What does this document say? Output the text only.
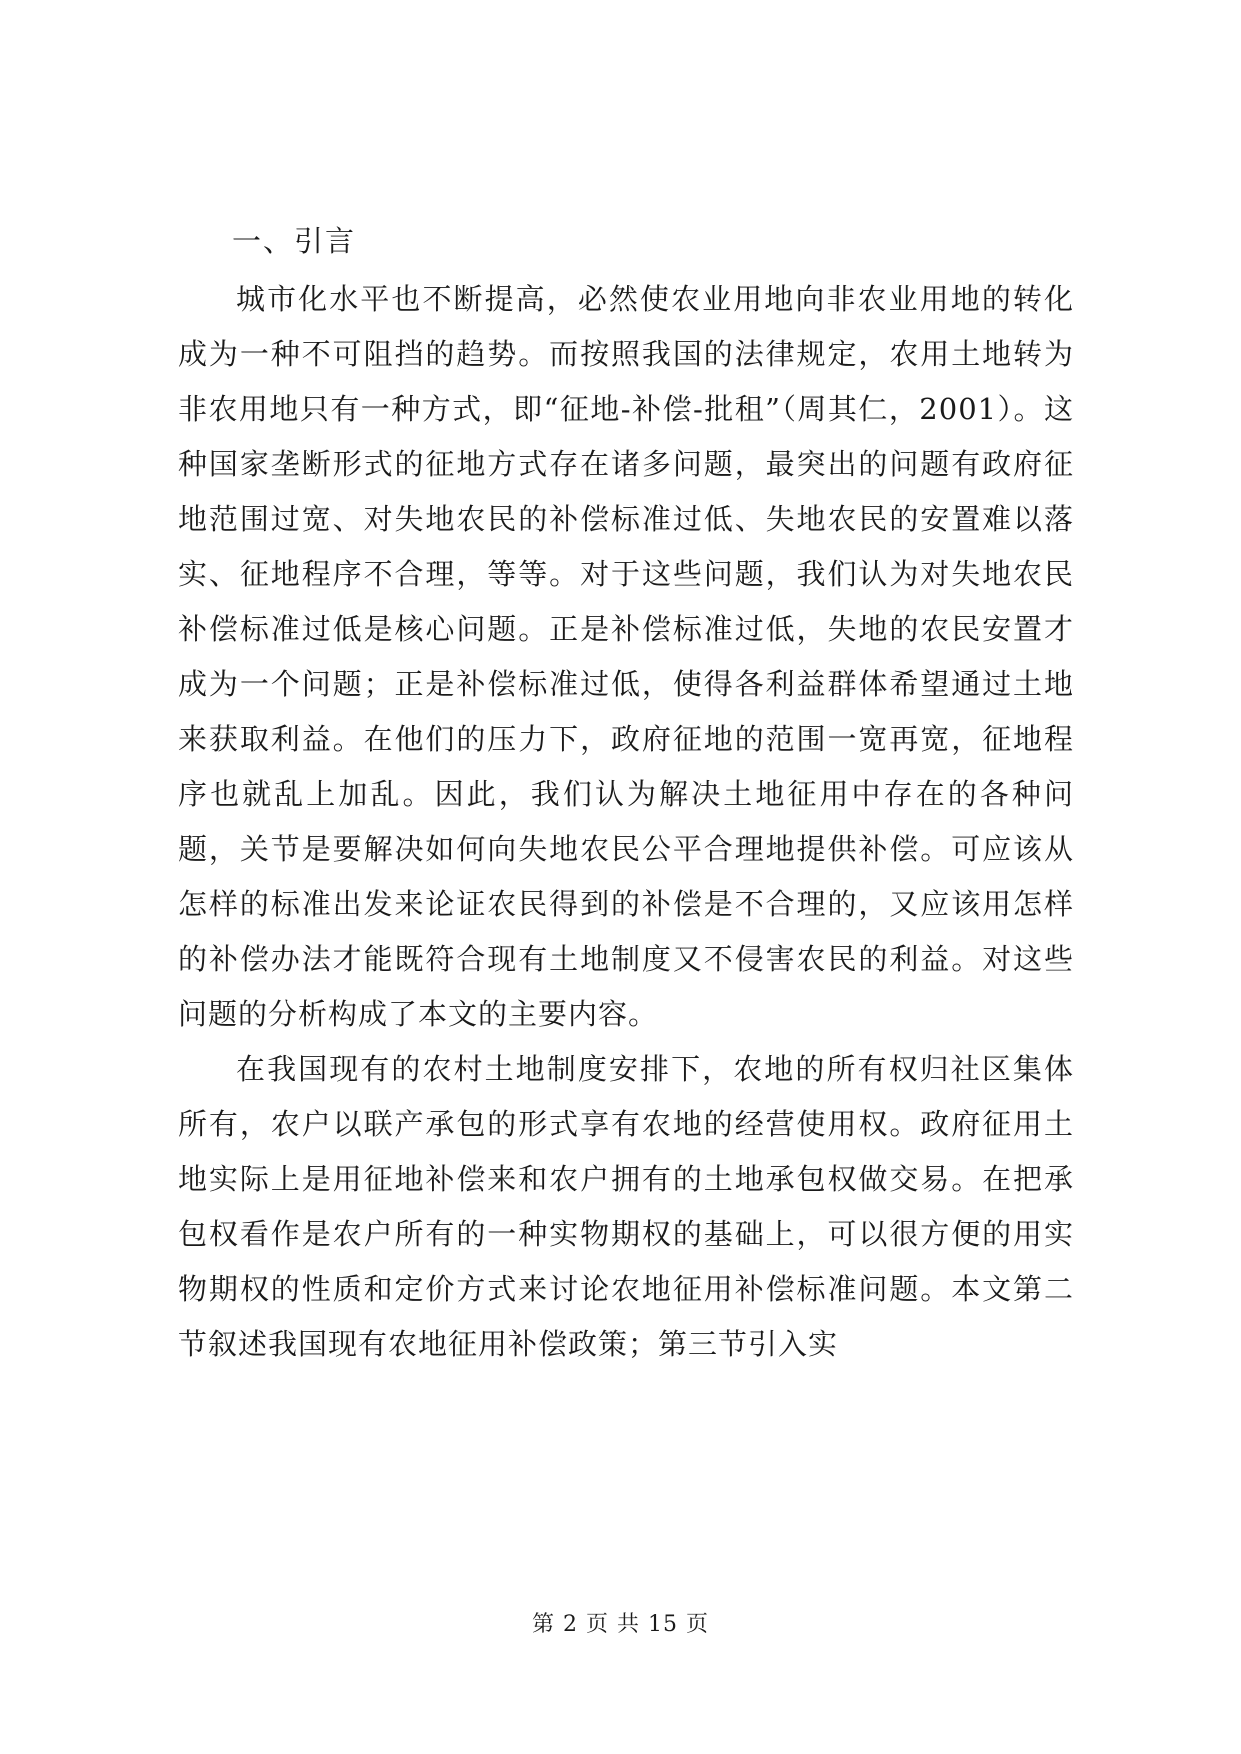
一、引言

城市化水平也不断提高，必然使农业用地向非农业用地的转化成为一种不可阻挡的趋势。而按照我国的法律规定，农用土地转为非农用地只有一种方式，即“征地-补偿-批租”（周其仁，2001）。这种国家垄断形式的征地方式存在诸多问题，最突出的问题有政府征地范围过宽、对失地农民的补偿标准过低、失地农民的安置难以落实、征地程序不合理，等等。对于这些问题，我们认为对失地农民补偿标准过低是核心问题。正是补偿标准过低，失地的农民安置才成为一个问题；正是补偿标准过低，使得各利益群体希望通过土地来获取利益。在他们的压力下，政府征地的范围一宽再宽，征地程序也就乱上加乱。因此，我们认为解决土地征用中存在的各种问题，关节是要解决如何向失地农民公平合理地提供补偿。可应该从怎样的标准出发来论证农民得到的补偿是不合理的，又应该用怎样的补偿办法才能既符合现有土地制度又不侵害农民的利益。对这些问题的分析构成了本文的主要内容。

在我国现有的农村土地制度安排下，农地的所有权归社区集体所有，农户以联产承包的形式享有农地的经营使用权。政府征用土地实际上是用征地补偿来和农户拥有的土地承包权做交易。在把承包权看作是农户所有的一种实物期权的基础上，可以很方便的用实物期权的性质和定价方式来讨论农地征用补偿标准问题。本文第二节叙述我国现有农地征用补偿政策；第三节引入实

第 2 页 共 15 页
